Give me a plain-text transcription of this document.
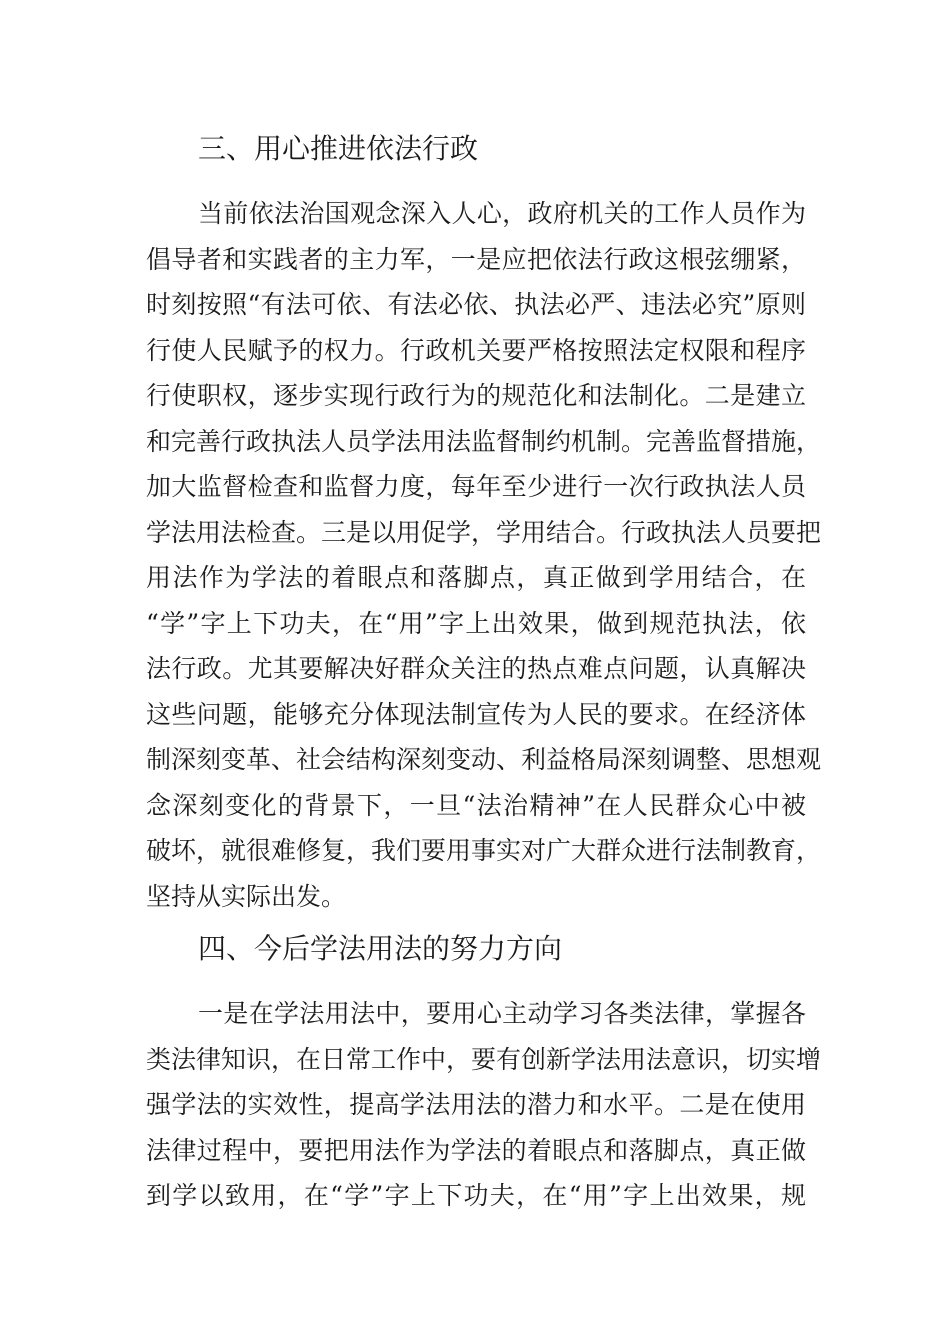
三、用心推进依法行政

当前依法治国观念深入人心，政府机关的工作人员作为
倡导者和实践者的主力军，一是应把依法行政这根弦绷紧，
时刻按照“有法可依、有法必依、执法必严、违法必究”原则
行使人民赋予的权力。行政机关要严格按照法定权限和程序
行使职权，逐步实现行政行为的规范化和法制化。二是建立
和完善行政执法人员学法用法监督制约机制。完善监督措施，
加大监督检查和监督力度，每年至少进行一次行政执法人员
学法用法检查。三是以用促学，学用结合。行政执法人员要把
用法作为学法的着眼点和落脚点，真正做到学用结合，在
“学”字上下功夫，在“用”字上出效果，做到规范执法，依
法行政。尤其要解决好群众关注的热点难点问题，认真解决
这些问题，能够充分体现法制宣传为人民的要求。在经济体
制深刻变革、社会结构深刻变动、利益格局深刻调整、思想观
念深刻变化的背景下，一旦“法治精神”在人民群众心中被
破坏，就很难修复，我们要用事实对广大群众进行法制教育，
坚持从实际出发。

四、今后学法用法的努力方向

一是在学法用法中，要用心主动学习各类法律，掌握各
类法律知识，在日常工作中，要有创新学法用法意识，切实增
强学法的实效性，提高学法用法的潜力和水平。二是在使用
法律过程中，要把用法作为学法的着眼点和落脚点，真正做
到学以致用，在“学”字上下功夫，在“用”字上出效果，规
